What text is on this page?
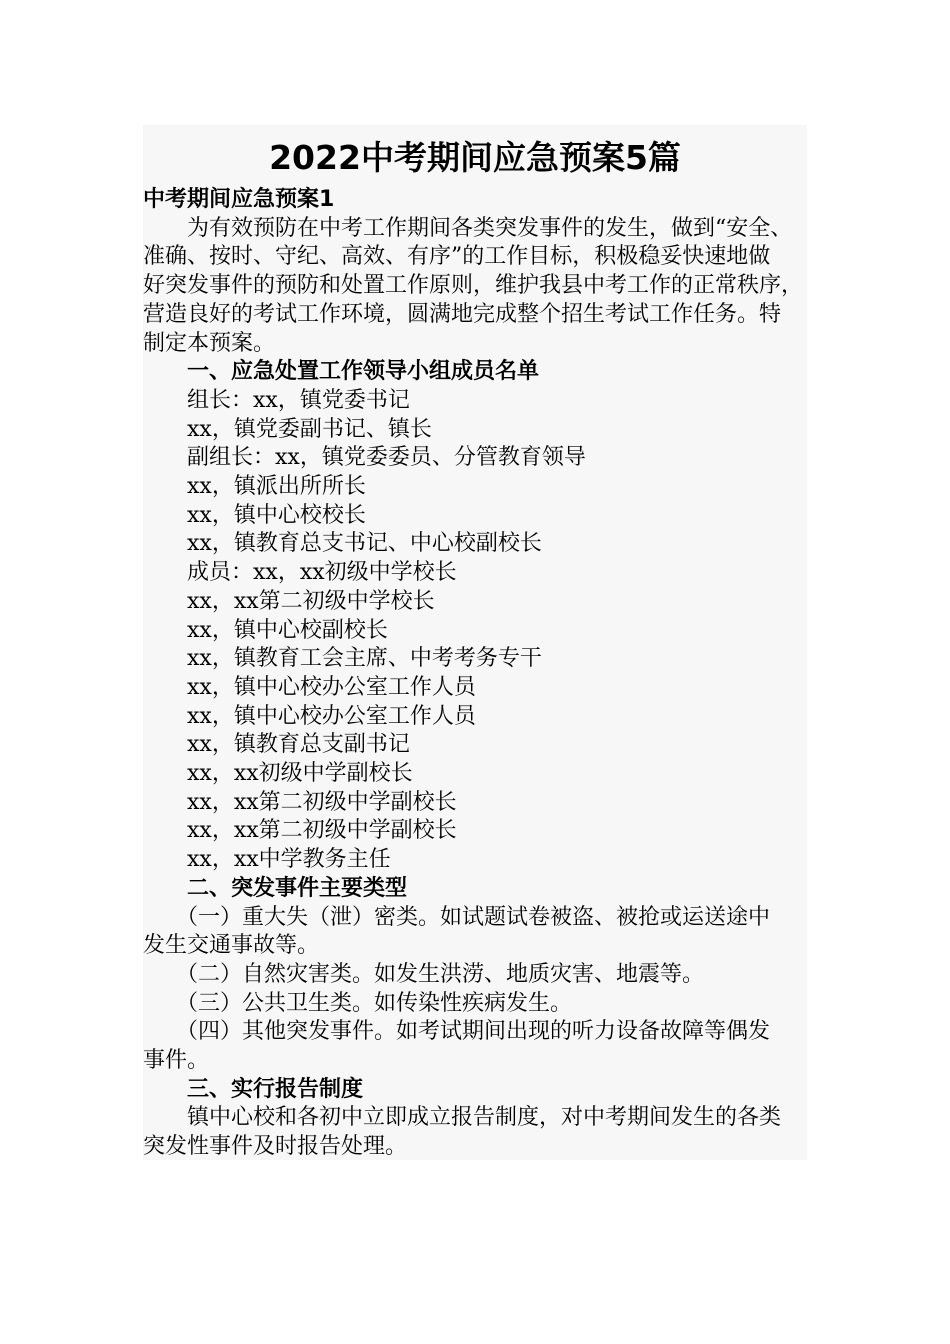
2022中考期间应急预案5篇
中考期间应急预案1
　　为有效预防在中考工作期间各类突发事件的发生，做到“安全、
准确、按时、守纪、高效、有序”的工作目标，积极稳妥快速地做
好突发事件的预防和处置工作原则，维护我县中考工作的正常秩序，
营造良好的考试工作环境，圆满地完成整个招生考试工作任务。特
制定本预案。
　　一、应急处置工作领导小组成员名单
　　组长：xx，镇党委书记
　　xx，镇党委副书记、镇长
　　副组长：xx，镇党委委员、分管教育领导
　　xx，镇派出所所长
　　xx，镇中心校校长
　　xx，镇教育总支书记、中心校副校长
　　成员：xx，xx初级中学校长
　　xx，xx第二初级中学校长
　　xx，镇中心校副校长
　　xx，镇教育工会主席、中考考务专干
　　xx，镇中心校办公室工作人员
　　xx，镇中心校办公室工作人员
　　xx，镇教育总支副书记
　　xx，xx初级中学副校长
　　xx，xx第二初级中学副校长
　　xx，xx第二初级中学副校长
　　xx，xx中学教务主任
　　二、突发事件主要类型
　　（一）重大失（泄）密类。如试题试卷被盗、被抢或运送途中
发生交通事故等。
　　（二）自然灾害类。如发生洪涝、地质灾害、地震等。
　　（三）公共卫生类。如传染性疾病发生。
　　（四）其他突发事件。如考试期间出现的听力设备故障等偶发
事件。
　　三、实行报告制度
　　镇中心校和各初中立即成立报告制度，对中考期间发生的各类
突发性事件及时报告处理。
